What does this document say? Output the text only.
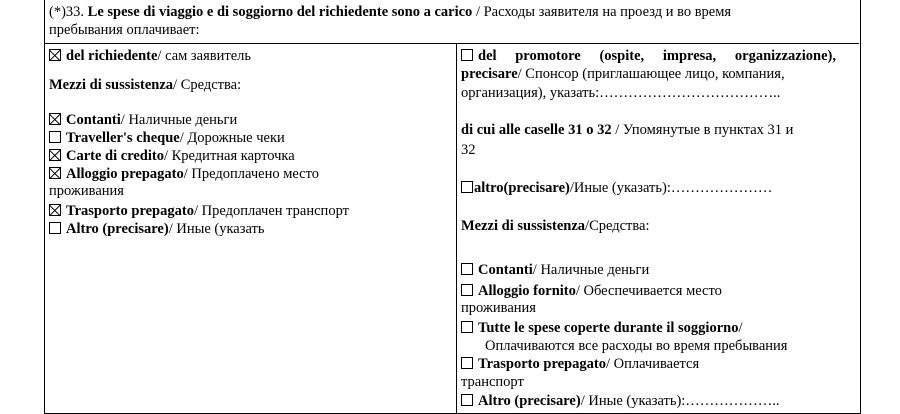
(*)33. Le spese di viaggio e di soggiorno del richiedente sono a carico / Расходы заявителя на проезд и во время
пребывания оплачивает:
del richiedente/ сам заявитель
Mezzi di sussistenza/ Средства:
Contanti/ Наличные деньги
Traveller's cheque/ Дорожные чеки
Carte di credito/ Кредитная карточка
Alloggio prepagato/ Предоплачено место
проживания
Trasporto prepagato/ Предоплачен транспорт
Altro (precisare)/ Иные (указать
del promotore (ospite, impresa, organizzazione),
precisare/ Спонсор (приглашающее лицо, компания,
организация), указать:………………………………..
di cui alle caselle 31 o 32 / Упомянутые в пунктах 31 и
32
altro(precisare)/Иные (указать):…………………
Mezzi di sussistenza/Средства:
Contanti/ Наличные деньги
Alloggio fornito/ Обеспечивается место
проживания
Tutte le spese coperte durante il soggiorno/
Оплачиваются все расходы во время пребывания
Trasporto prepagato/ Оплачивается
транспорт
Altro (precisare)/ Иные (указать):………………..
